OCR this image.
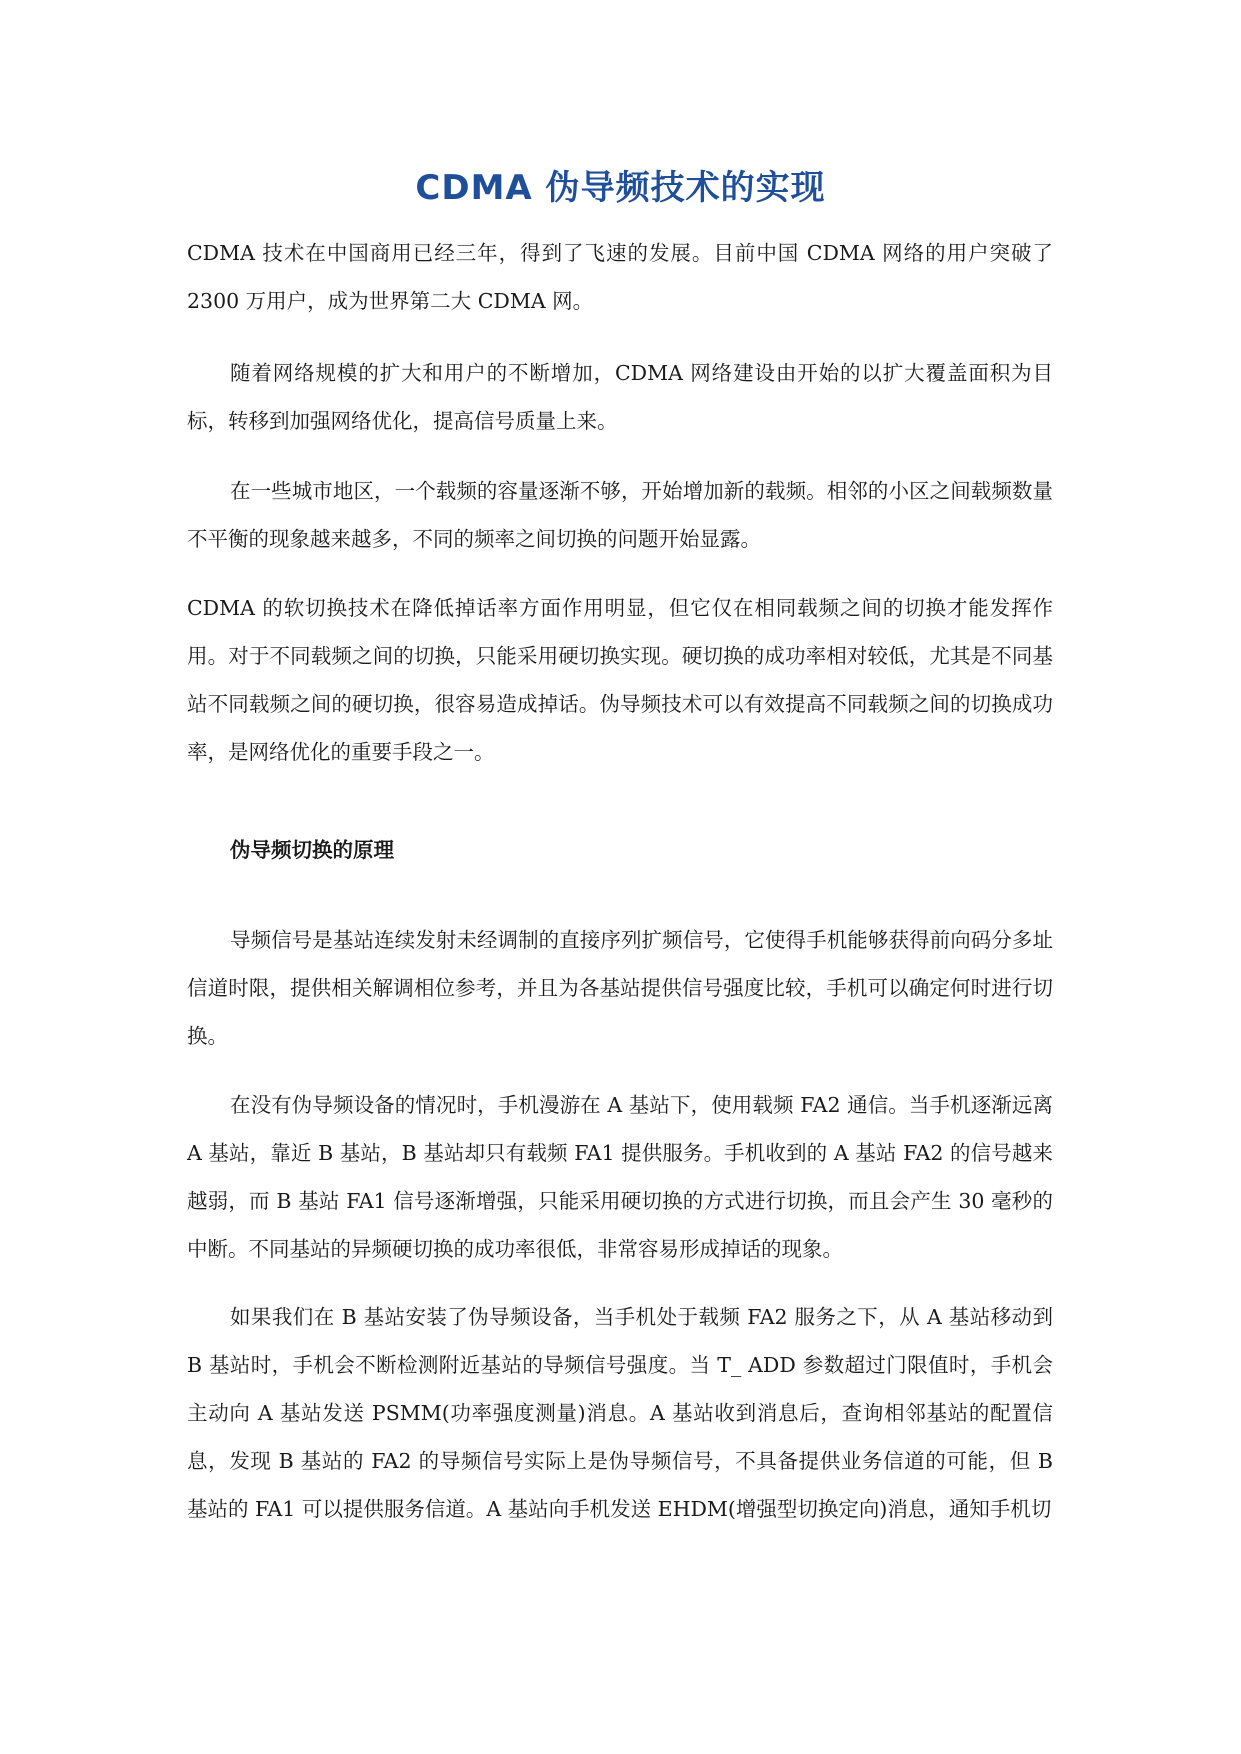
CDMA 伪导频技术的实现

CDMA 技术在中国商用已经三年，得到了飞速的发展。目前中国 CDMA 网络的用户突破了 2300 万用户，成为世界第二大 CDMA 网。

随着网络规模的扩大和用户的不断增加，CDMA 网络建设由开始的以扩大覆盖面积为目标，转移到加强网络优化，提高信号质量上来。

在一些城市地区，一个载频的容量逐渐不够，开始增加新的载频。相邻的小区之间载频数量不平衡的现象越来越多，不同的频率之间切换的问题开始显露。

CDMA 的软切换技术在降低掉话率方面作用明显，但它仅在相同载频之间的切换才能发挥作用。对于不同载频之间的切换，只能采用硬切换实现。硬切换的成功率相对较低，尤其是不同基站不同载频之间的硬切换，很容易造成掉话。伪导频技术可以有效提高不同载频之间的切换成功率，是网络优化的重要手段之一。

伪导频切换的原理

导频信号是基站连续发射未经调制的直接序列扩频信号，它使得手机能够获得前向码分多址信道时限，提供相关解调相位参考，并且为各基站提供信号强度比较，手机可以确定何时进行切换。

在没有伪导频设备的情况时，手机漫游在 A 基站下，使用载频 FA2 通信。当手机逐渐远离 A 基站，靠近 B 基站，B 基站却只有载频 FA1 提供服务。手机收到的 A 基站 FA2 的信号越来越弱，而 B 基站 FA1 信号逐渐增强，只能采用硬切换的方式进行切换，而且会产生 30 毫秒的中断。不同基站的异频硬切换的成功率很低，非常容易形成掉话的现象。

如果我们在 B 基站安装了伪导频设备，当手机处于载频 FA2 服务之下，从 A 基站移动到 B 基站时，手机会不断检测附近基站的导频信号强度。当 T_ ADD 参数超过门限值时，手机会主动向 A 基站发送 PSMM(功率强度测量)消息。A 基站收到消息后，查询相邻基站的配置信息，发现 B 基站的 FA2 的导频信号实际上是伪导频信号，不具备提供业务信道的可能，但 B 基站的 FA1 可以提供服务信道。A 基站向手机发送 EHDM(增强型切换定向)消息，通知手机切
